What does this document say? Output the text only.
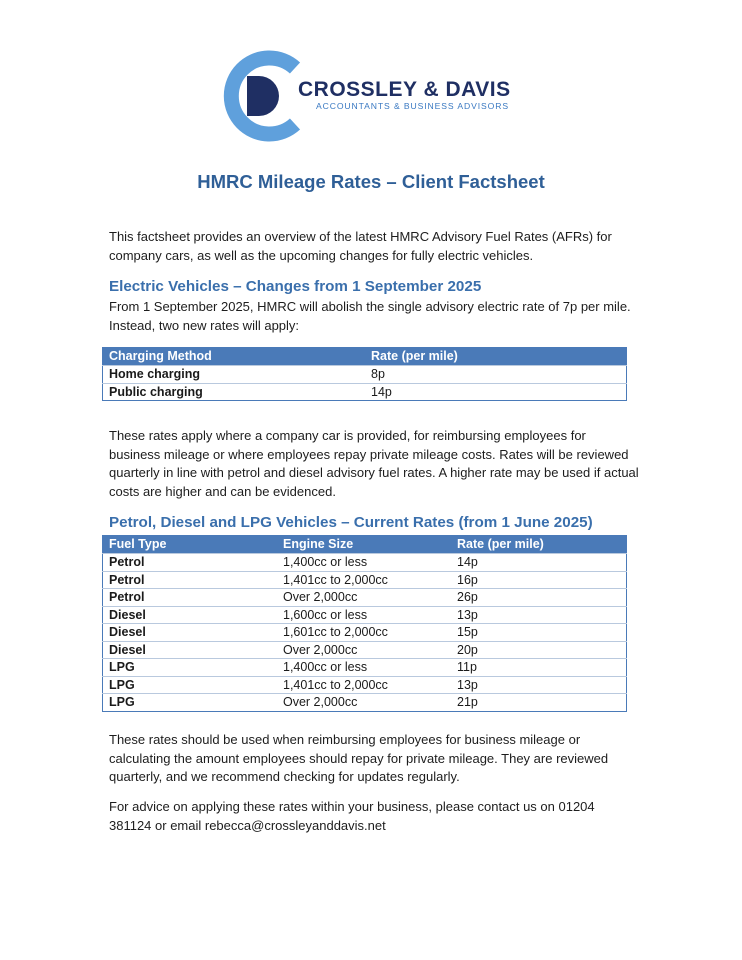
CROSSLEY & DAVIS
ACCOUNTANTS & BUSINESS ADVISORS
HMRC Mileage Rates – Client Factsheet
This factsheet provides an overview of the latest HMRC Advisory Fuel Rates (AFRs) for company cars, as well as the upcoming changes for fully electric vehicles.
Electric Vehicles – Changes from 1 September 2025
From 1 September 2025, HMRC will abolish the single advisory electric rate of 7p per mile. Instead, two new rates will apply:
Charging Method	Rate (per mile)
Home charging	8p
Public charging	14p
These rates apply where a company car is provided, for reimbursing employees for business mileage or where employees repay private mileage costs. Rates will be reviewed quarterly in line with petrol and diesel advisory fuel rates. A higher rate may be used if actual costs are higher and can be evidenced.
Petrol, Diesel and LPG Vehicles – Current Rates (from 1 June 2025)
Fuel Type	Engine Size	Rate (per mile)
Petrol	1,400cc or less	14p
Petrol	1,401cc to 2,000cc	16p
Petrol	Over 2,000cc	26p
Diesel	1,600cc or less	13p
Diesel	1,601cc to 2,000cc	15p
Diesel	Over 2,000cc	20p
LPG	1,400cc or less	11p
LPG	1,401cc to 2,000cc	13p
LPG	Over 2,000cc	21p
These rates should be used when reimbursing employees for business mileage or calculating the amount employees should repay for private mileage. They are reviewed quarterly, and we recommend checking for updates regularly.
For advice on applying these rates within your business, please contact us on 01204 381124 or email rebecca@crossleyanddavis.net
